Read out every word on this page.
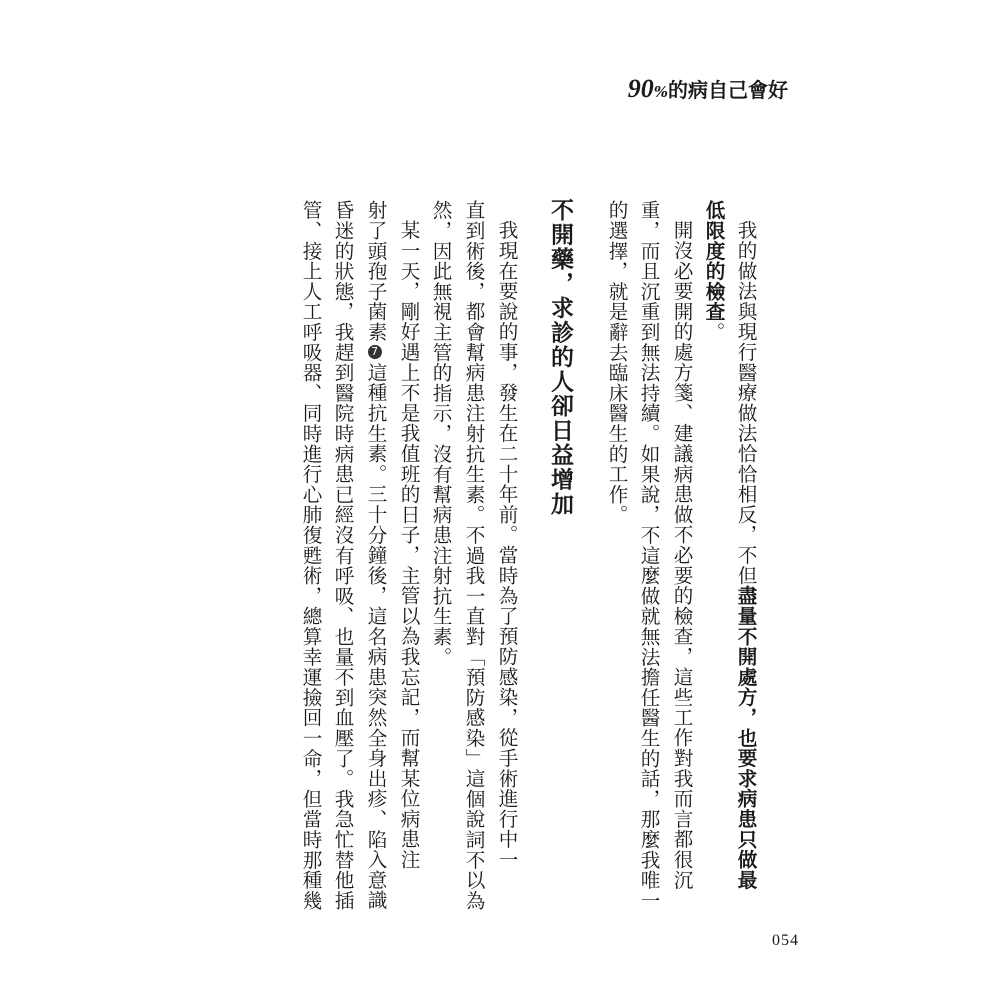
90%的病自己會好
我的做法與現行醫療做法恰恰相反，不但盡量不開處方，也要求病患只做最
低限度的檢查。
開沒必要開的處方箋、建議病患做不必要的檢查，這些工作對我而言都很沉
重，而且沉重到無法持續。如果說，不這麼做就無法擔任醫生的話，那麼我唯一
的選擇，就是辭去臨床醫生的工作。
不開藥，求診的人卻日益增加
我現在要說的事，發生在二十年前。當時為了預防感染，從手術進行中一
直到術後，都會幫病患注射抗生素。不過我一直對「預防感染」這個說詞不以為
然，因此無視主管的指示，沒有幫病患注射抗生素。
某一天，剛好遇上不是我值班的日子，主管以為我忘記，而幫某位病患注
射了頭孢子菌素7這種抗生素。三十分鐘後，這名病患突然全身出疹、陷入意識
昏迷的狀態，我趕到醫院時病患已經沒有呼吸、也量不到血壓了。我急忙替他插
管、接上人工呼吸器、同時進行心肺復甦術，總算幸運撿回一命，但當時那種幾
054
